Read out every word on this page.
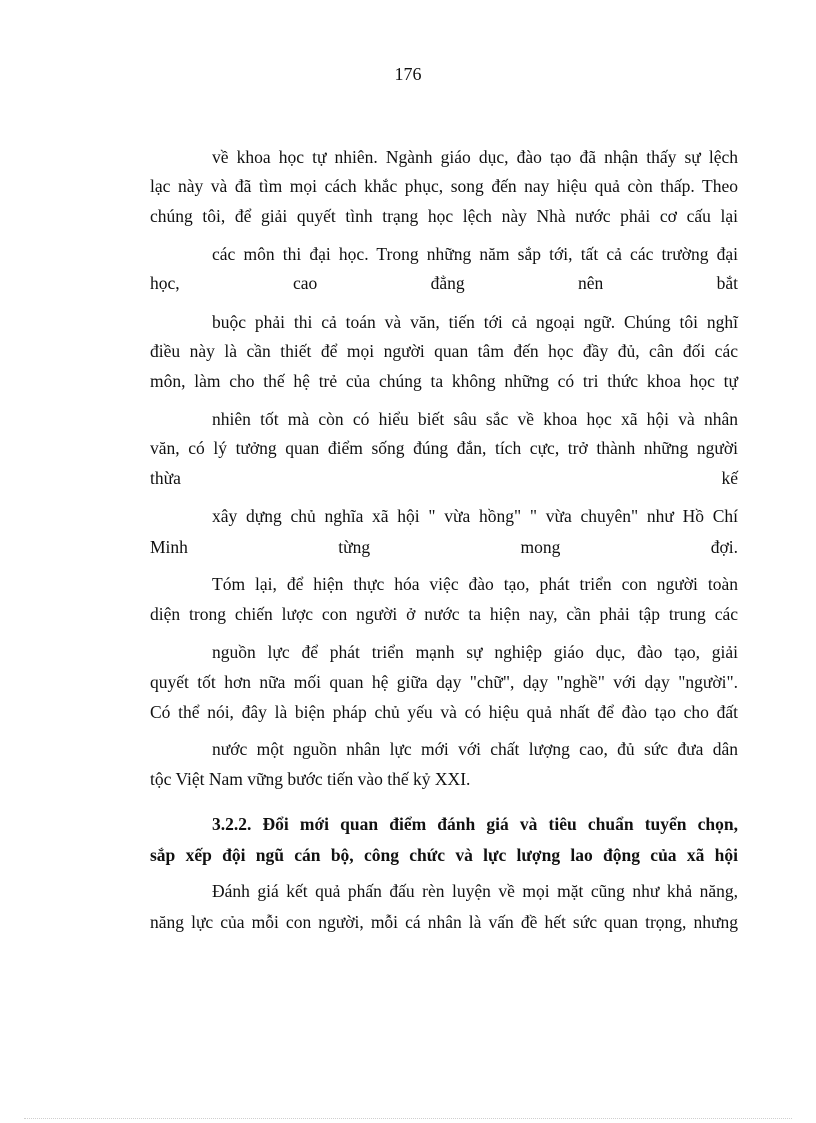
176
về khoa học tự nhiên. Ngành giáo dục, đào tạo đã nhận thấy sự lệch
lạc này và đã tìm mọi cách khắc phục, song đến nay hiệu quả còn thấp. Theo
chúng tôi, để giải quyết tình trạng học lệch này Nhà nước phải cơ cấu lại
các môn thi đại học. Trong những năm sắp tới, tất cả các trường đại
học,	cao	đẳng	nên	bắt
buộc phải thi cả toán và văn, tiến tới cả ngoại ngữ. Chúng tôi nghĩ
điều này là cần thiết để mọi người quan tâm đến học đầy đủ, cân đối các
môn, làm cho thế hệ trẻ của chúng ta không những có tri thức khoa học tự
nhiên tốt mà còn có hiểu biết sâu sắc về khoa học xã hội và nhân
văn, có lý tưởng quan điểm sống đúng đắn, tích cực, trở thành những người
thừa	kế
xây dựng chủ nghĩa xã hội " vừa hồng" " vừa chuyên" như Hồ Chí
Minh	từng	mong	đợi.
Tóm lại, để hiện thực hóa việc đào tạo, phát triển con người toàn
diện trong chiến lược con người ở nước ta hiện nay, cần phải tập trung các
nguồn lực để phát triển mạnh sự nghiệp giáo dục, đào tạo, giải
quyết tốt hơn nữa mối quan hệ giữa dạy "chữ", dạy "nghề" với dạy "người".
Có thể nói, đây là biện pháp chủ yếu và có hiệu quả nhất để đào tạo cho đất
nước một nguồn nhân lực mới với chất lượng cao, đủ sức đưa dân
tộc Việt Nam vững bước tiến vào thế kỷ XXI.
3.2.2. Đổi mới quan điểm đánh giá và tiêu chuẩn tuyển chọn,
sắp xếp đội ngũ cán bộ, công chức và lực lượng lao động của xã hội
Đánh giá kết quả phấn đấu rèn luyện về mọi mặt cũng như khả năng,
năng lực của mỗi con người, mỗi cá nhân là vấn đề hết sức quan trọng, nhưng
